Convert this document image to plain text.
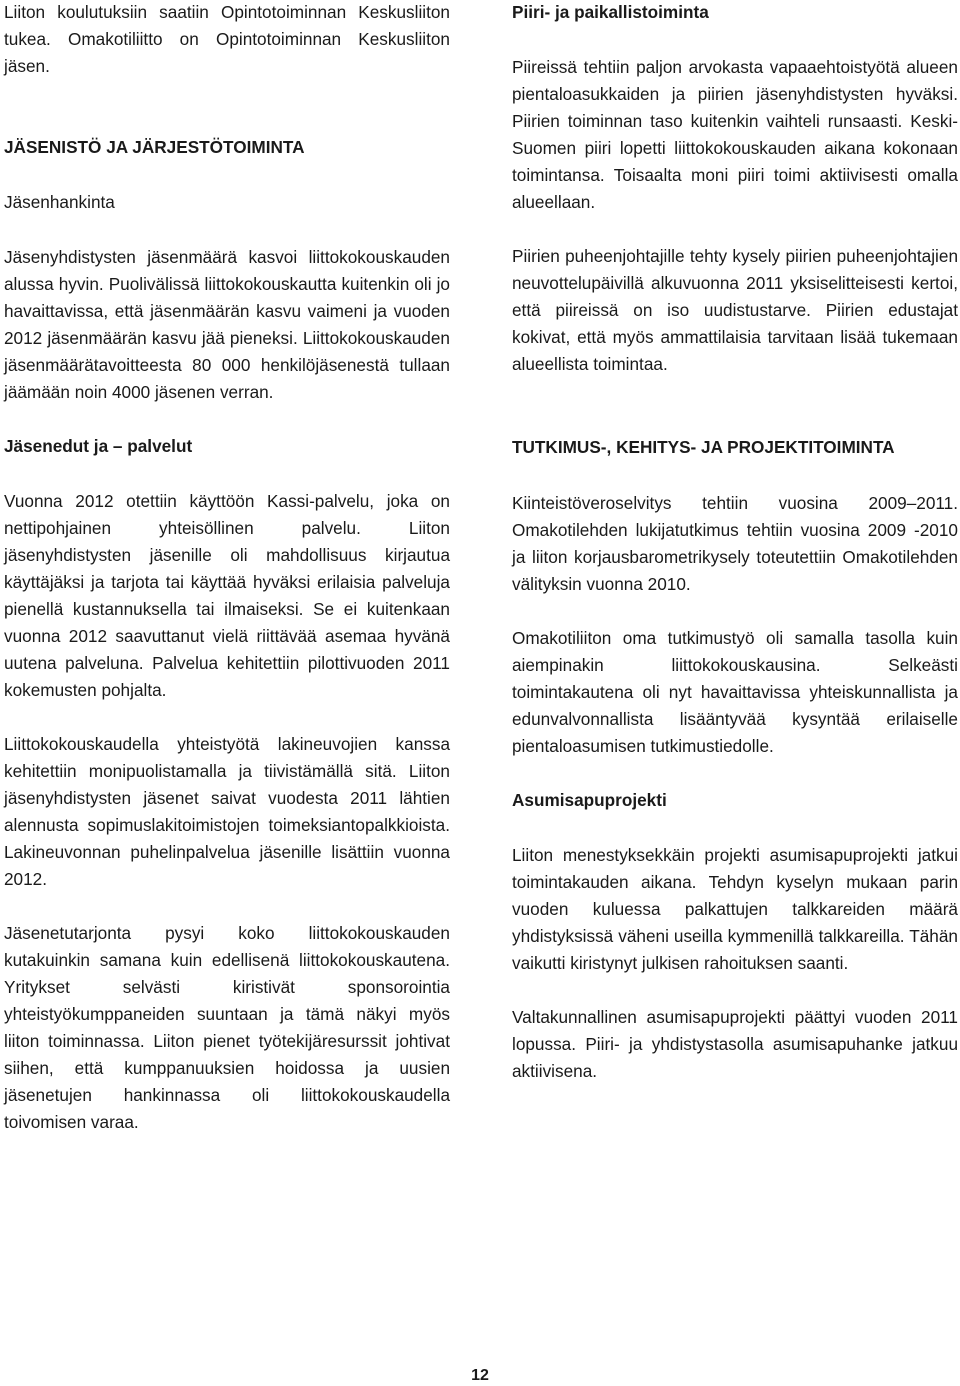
Liiton koulutuksiin saatiin Opintotoiminnan Keskusliiton tukea. Omakotiliitto on Opintotoiminnan Keskusliiton jäsen.

JÄSENISTÖ JA JÄRJESTÖTOIMINTA

Jäsenhankinta

Jäsenyhdistysten jäsenmäärä kasvoi liittokokouskauden alussa hyvin. Puolivälissä liittokokouskautta kuitenkin oli jo havaittavissa, että jäsenmäärän kasvu vaimeni ja vuoden 2012 jäsenmäärän kasvu jää pieneksi. Liittokokouskauden jäsenmäärätavoitteesta 80 000 henkilöjäsenestä tullaan jäämään noin 4000 jäsenen verran.

Jäsenedut ja – palvelut

Vuonna 2012 otettiin käyttöön Kassi-palvelu, joka on nettipohjainen yhteisöllinen palvelu. Liiton jäsenyhdistysten jäsenille oli mahdollisuus kirjautua käyttäjäksi ja tarjota tai käyttää hyväksi erilaisia palveluja pienellä kustannuksella tai ilmaiseksi. Se ei kuitenkaan vuonna 2012 saavuttanut vielä riittävää asemaa hyvänä uutena palveluna. Palvelua kehitettiin pilottivuoden 2011 kokemusten pohjalta.

Liittokokouskaudella yhteistyötä lakineuvojien kanssa kehitettiin monipuolistamalla ja tiivistämällä sitä. Liiton jäsenyhdistysten jäsenet saivat vuodesta 2011 lähtien alennusta sopimuslakitoimistojen toimeksiantopalkkioista. Lakineuvonnan puhelinpalvelua jäsenille lisättiin vuonna 2012.

Jäsenetutarjonta pysyi koko liittokokouskauden kutakuinkin samana kuin edellisenä liittokokouskautena. Yritykset selvästi kiristivät sponsorointia yhteistyökumppaneiden suuntaan ja tämä näkyi myös liiton toiminnassa. Liiton pienet työtekijäresurssit johtivat siihen, että kumppanuuksien hoidossa ja uusien jäsenetujen hankinnassa oli liittokokouskaudella toivomisen varaa.

Piiri- ja paikallistoiminta

Piireissä tehtiin paljon arvokasta vapaaehtoistyötä alueen pientaloasukkaiden ja piirien jäsenyhdistysten hyväksi. Piirien toiminnan taso kuitenkin vaihteli runsaasti. Keski-Suomen piiri lopetti liittokokouskauden aikana kokonaan toimintansa. Toisaalta moni piiri toimi aktiivisesti omalla alueellaan.

Piirien puheenjohtajille tehty kysely piirien puheenjohtajien neuvottelupäivillä alkuvuonna 2011 yksiselitteisesti kertoi, että piireissä on iso uudistustarve. Piirien edustajat kokivat, että myös ammattilaisia tarvitaan lisää tukemaan alueellista toimintaa.

TUTKIMUS-, KEHITYS- JA PROJEKTITOIMINTA

Kiinteistöveroselvitys tehtiin vuosina 2009–2011. Omakotilehden lukijatutkimus tehtiin vuosina 2009 -2010 ja liiton korjausbarometrikysely toteutettiin Omakotilehden välityksin vuonna 2010.

Omakotiliiton oma tutkimustyö oli samalla tasolla kuin aiempinakin liittokokouskausina. Selkeästi toimintakautena oli nyt havaittavissa yhteiskunnallista ja edunvalvonnallista lisääntyvää kysyntää erilaiselle pientaloasumisen tutkimustiedolle.

Asumisapuprojekti

Liiton menestyksekkäin projekti asumisapuprojekti jatkui toimintakauden aikana. Tehdyn kyselyn mukaan parin vuoden kuluessa palkattujen talkkareiden määrä yhdistyksissä väheni useilla kymmenillä talkkareilla. Tähän vaikutti kiristynyt julkisen rahoituksen saanti.

Valtakunnallinen asumisapuprojekti päättyi vuoden 2011 lopussa. Piiri- ja yhdistystasolla asumisapuhanke jatkuu aktiivisena.

12
